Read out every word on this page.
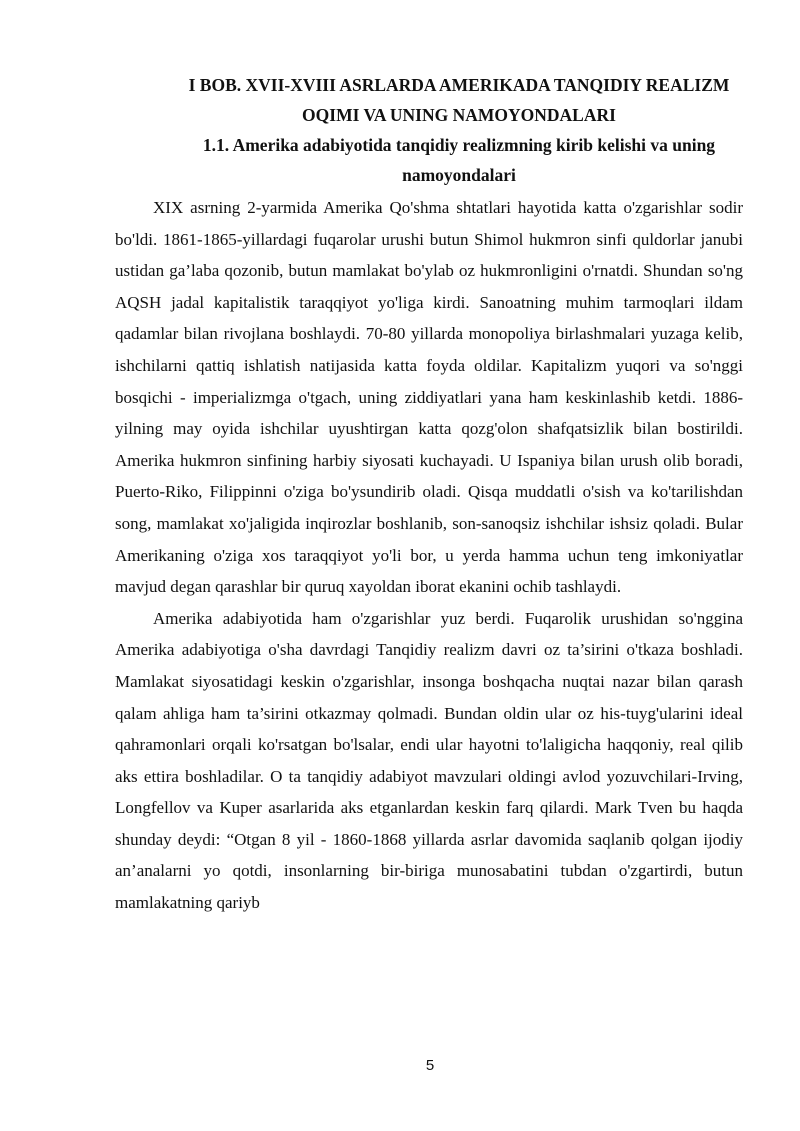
I BOB. XVII-XVIII ASRLARDA AMERIKADA TANQIDIY REALIZM OQIMI VA UNING NAMOYONDALARI
1.1. Amerika adabiyotida tanqidiy realizmning kirib kelishi va uning namoyondalari

XIX asrning 2-yarmida Amerika Qo'shma shtatlari hayotida katta o'zgarishlar sodir bo'ldi. 1861-1865-yillardagi fuqarolar urushi butun Shimol hukmron sinfi quldorlar janubi ustidan ga’laba qozonib, butun mamlakat bo'ylab oz hukmronligini o'rnatdi. Shundan so'ng AQSH jadal kapitalistik taraqqiyot yo'liga kirdi. Sanoatning muhim tarmoqlari ildam qadamlar bilan rivojlana boshlaydi. 70-80 yillarda monopoliya birlashmalari yuzaga kelib, ishchilarni qattiq ishlatish natijasida katta foyda oldilar. Kapitalizm yuqori va so'nggi bosqichi - imperializmga o'tgach, uning ziddiyatlari yana ham keskinlashib ketdi. 1886-yilning may oyida ishchilar uyushtirgan katta qozg'olon shafqatsizlik bilan bostirildi. Amerika hukmron sinfining harbiy siyosati kuchayadi. U Ispaniya bilan urush olib boradi, Puerto-Riko, Filippinni o'ziga bo'ysundirib oladi. Qisqa muddatli o'sish va ko'tarilishdan song, mamlakat xo'jaligida inqirozlar boshlanib, son-sanoqsiz ishchilar ishsiz qoladi. Bular Amerikaning o'ziga xos taraqqiyot yo'li bor, u yerda hamma uchun teng imkoniyatlar mavjud degan qarashlar bir quruq xayoldan iborat ekanini ochib tashlaydi.

Amerika adabiyotida ham o'zgarishlar yuz berdi. Fuqarolik urushidan so'nggina Amerika adabiyotiga o'sha davrdagi Tanqidiy realizm davri oz ta’sirini o'tkaza boshladi. Mamlakat siyosatidagi keskin o'zgarishlar, insonga boshqacha nuqtai nazar bilan qarash qalam ahliga ham ta’sirini otkazmay qolmadi. Bundan oldin ular oz his-tuyg'ularini ideal qahramonlari orqali ko'rsatgan bo'lsalar, endi ular hayotni to'laligicha haqqoniy, real qilib aks ettira boshladilar. O ta tanqidiy adabiyot mavzulari oldingi avlod yozuvchilari-Irving, Longfellov va Kuper asarlarida aks etganlardan keskin farq qilardi. Mark Tven bu haqda shunday deydi: “Otgan 8 yil - 1860-1868 yillarda asrlar davomida saqlanib qolgan ijodiy an’analarni yo qotdi, insonlarning bir-biriga munosabatini tubdan o'zgartirdi, butun mamlakatning qariyb

5
